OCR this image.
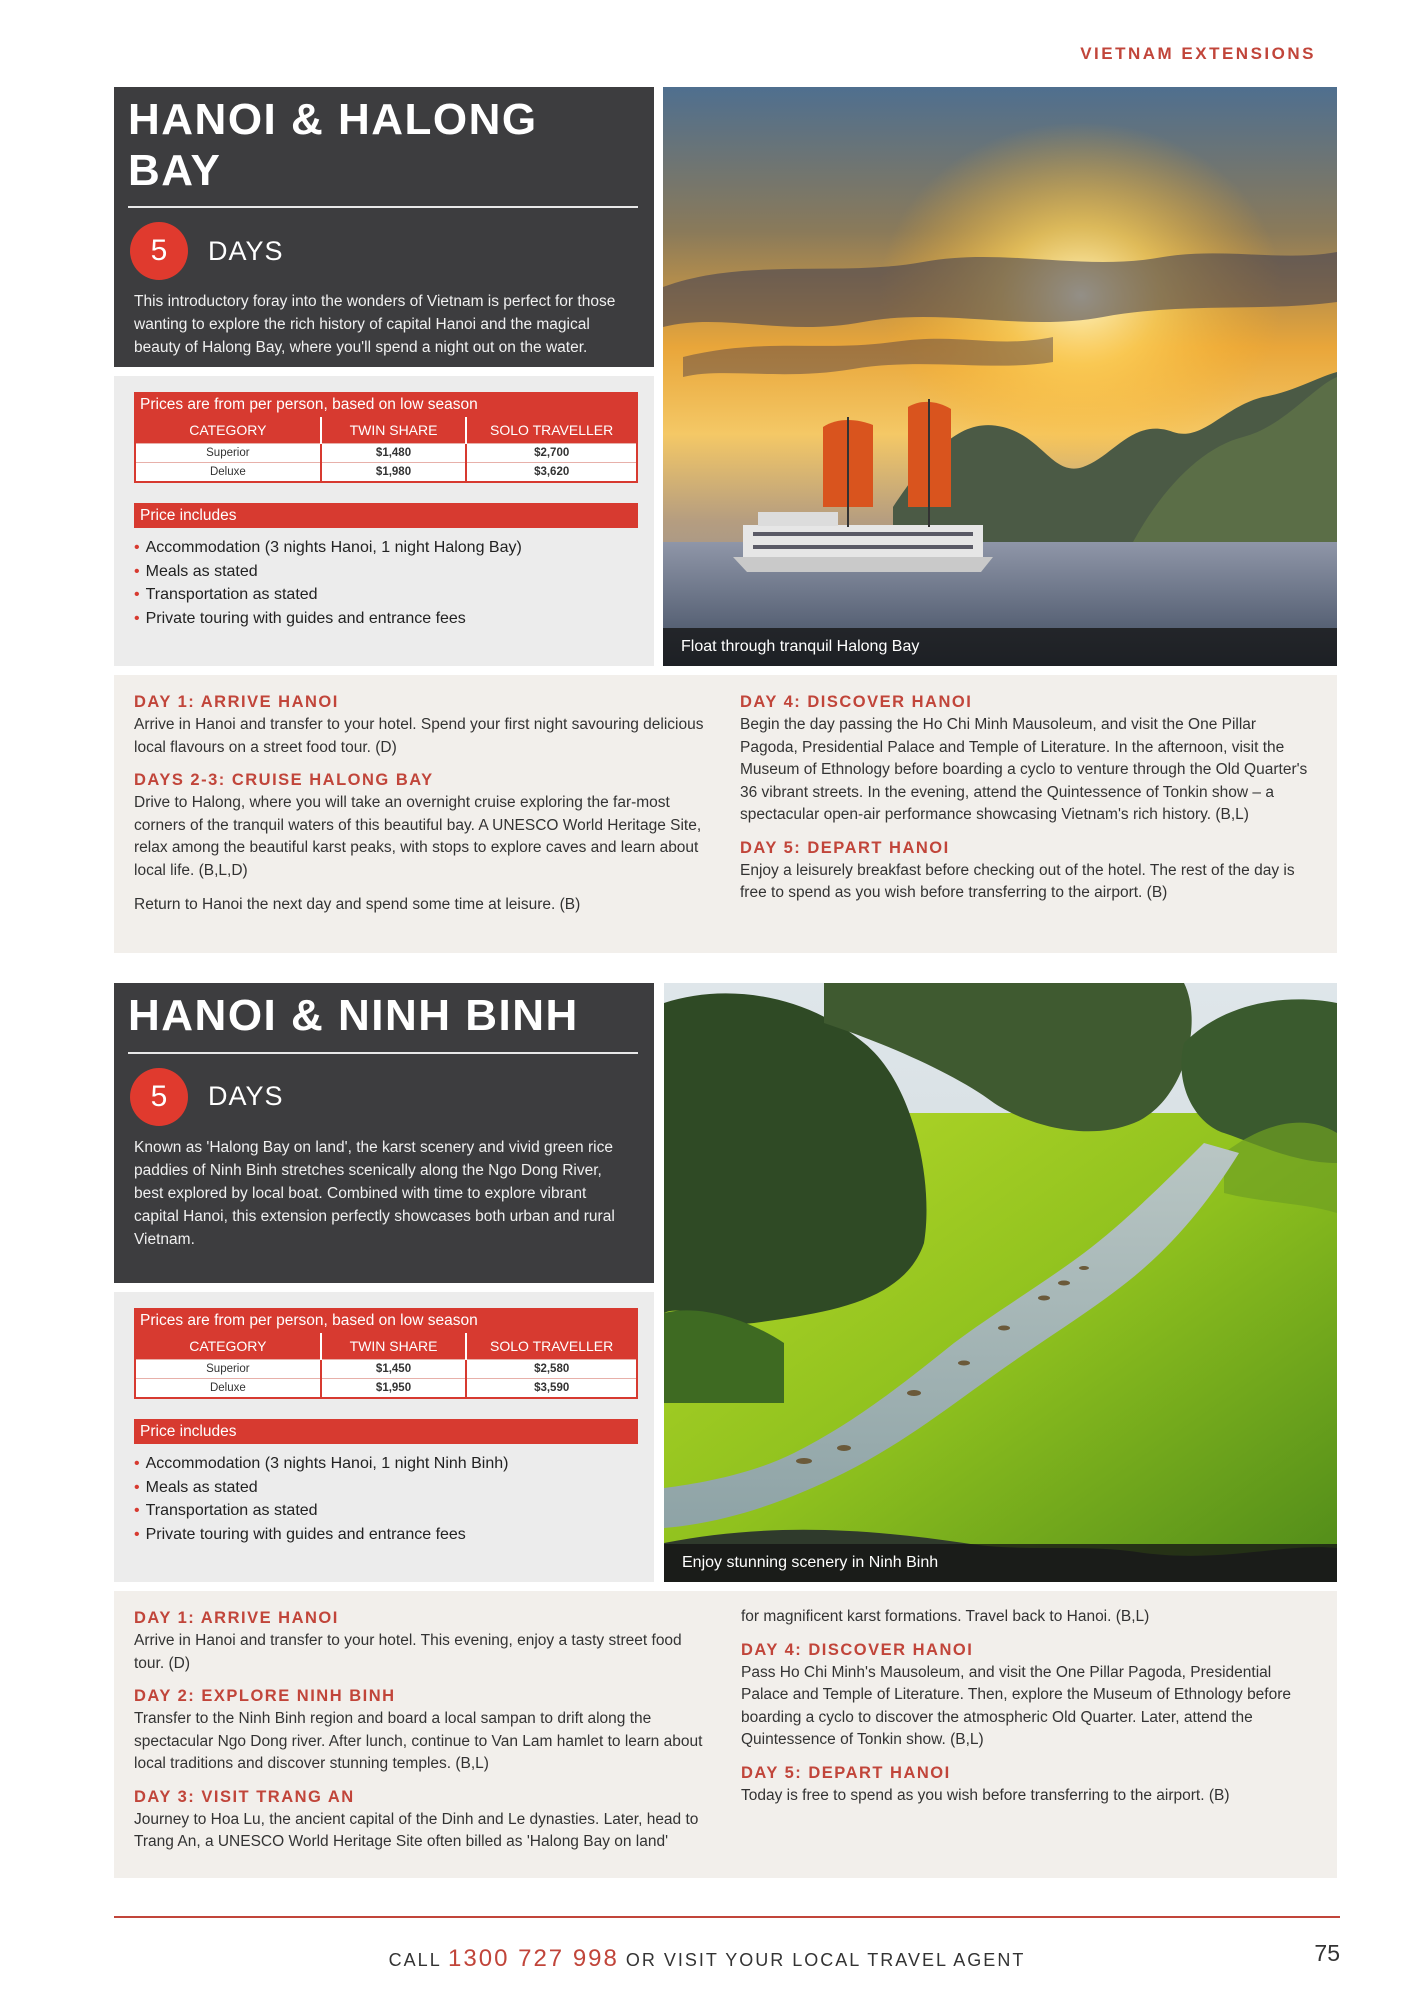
VIETNAM EXTENSIONS
HANOI & HALONG BAY
5	DAYS

This introductory foray into the wonders of Vietnam is perfect for those wanting to explore the rich history of capital Hanoi and the magical beauty of Halong Bay, where you'll spend a night out on the water.

Prices are from per person, based on low season
CATEGORY	TWIN SHARE	SOLO TRAVELLER
Superior	$1,480	$2,700
Deluxe	$1,980	$3,620
Price includes
• Accommodation (3 nights Hanoi, 1 night Halong Bay)
• Meals as stated
• Transportation as stated
• Private touring with guides and entrance fees
Float through tranquil Halong Bay
DAY 1: ARRIVE HANOI

Arrive in Hanoi and transfer to your hotel. Spend your first night savouring delicious local flavours on a street food tour. (D)

DAYS 2-3: CRUISE HALONG BAY

Drive to Halong, where you will take an overnight cruise exploring the far-most corners of the tranquil waters of this beautiful bay. A UNESCO World Heritage Site, relax among the beautiful karst peaks, with stops to explore caves and learn about local life. (B,L,D)

Return to Hanoi the next day and spend some time at leisure. (B)

DAY 4: DISCOVER HANOI

Begin the day passing the Ho Chi Minh Mausoleum, and visit the One Pillar Pagoda, Presidential Palace and Temple of Literature. In the afternoon, visit the Museum of Ethnology before boarding a cyclo to venture through the Old Quarter's 36 vibrant streets. In the evening, attend the Quintessence of Tonkin show – a spectacular open-air performance showcasing Vietnam's rich history. (B,L)

DAY 5: DEPART HANOI

Enjoy a leisurely breakfast before checking out of the hotel. The rest of the day is free to spend as you wish before transferring to the airport. (B)

HANOI & NINH BINH
5	DAYS

Known as 'Halong Bay on land', the karst scenery and vivid green rice paddies of Ninh Binh stretches scenically along the Ngo Dong River, best explored by local boat. Combined with time to explore vibrant capital Hanoi, this extension perfectly showcases both urban and rural Vietnam.

Prices are from per person, based on low season
CATEGORY	TWIN SHARE	SOLO TRAVELLER
Superior	$1,450	$2,580
Deluxe	$1,950	$3,590
Price includes
• Accommodation (3 nights Hanoi, 1 night Ninh Binh)
• Meals as stated
• Transportation as stated
• Private touring with guides and entrance fees
Enjoy stunning scenery in Ninh Binh
DAY 1: ARRIVE HANOI

Arrive in Hanoi and transfer to your hotel. This evening, enjoy a tasty street food tour. (D)

DAY 2: EXPLORE NINH BINH

Transfer to the Ninh Binh region and board a local sampan to drift along the spectacular Ngo Dong river. After lunch, continue to Van Lam hamlet to learn about local traditions and discover stunning temples. (B,L)

DAY 3: VISIT TRANG AN

Journey to Hoa Lu, the ancient capital of the Dinh and Le dynasties. Later, head to Trang An, a UNESCO World Heritage Site often billed as 'Halong Bay on land'

for magnificent karst formations. Travel back to Hanoi. (B,L)

DAY 4: DISCOVER HANOI

Pass Ho Chi Minh's Mausoleum, and visit the One Pillar Pagoda, Presidential Palace and Temple of Literature. Then, explore the Museum of Ethnology before boarding a cyclo to discover the atmospheric Old Quarter. Later, attend the Quintessence of Tonkin show. (B,L)

DAY 5: DEPART HANOI

Today is free to spend as you wish before transferring to the airport. (B)

CALL 1300 727 998 OR VISIT YOUR LOCAL TRAVEL AGENT	75
